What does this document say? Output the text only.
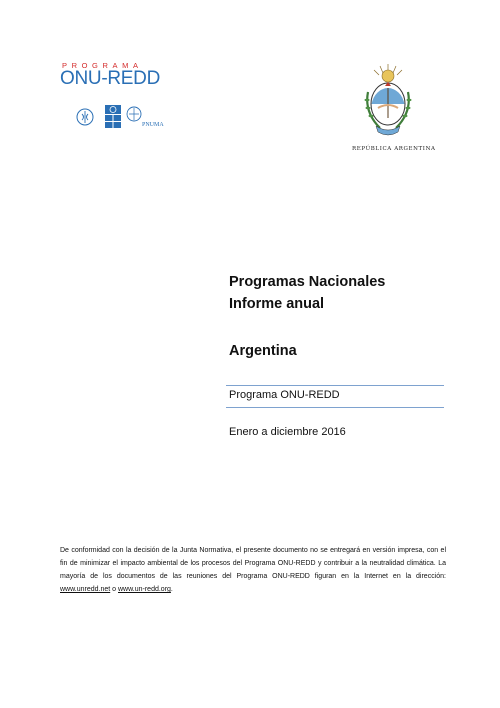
PROGRAMA
ONU-REDD
PNUMA
REPÚBLICA ARGENTINA
Programas Nacionales
Informe anual
Argentina
Programa ONU-REDD
Enero a diciembre 2016
De conformidad con la decisión de la Junta Normativa, el presente documento no se entregará en versión impresa, con el fin de minimizar el impacto ambiental de los procesos del Programa ONU-REDD y contribuir a la neutralidad climática. La mayoría de los documentos de las reuniones del Programa ONU-REDD figuran en la Internet en la dirección: www.unredd.net o www.un-redd.org.
